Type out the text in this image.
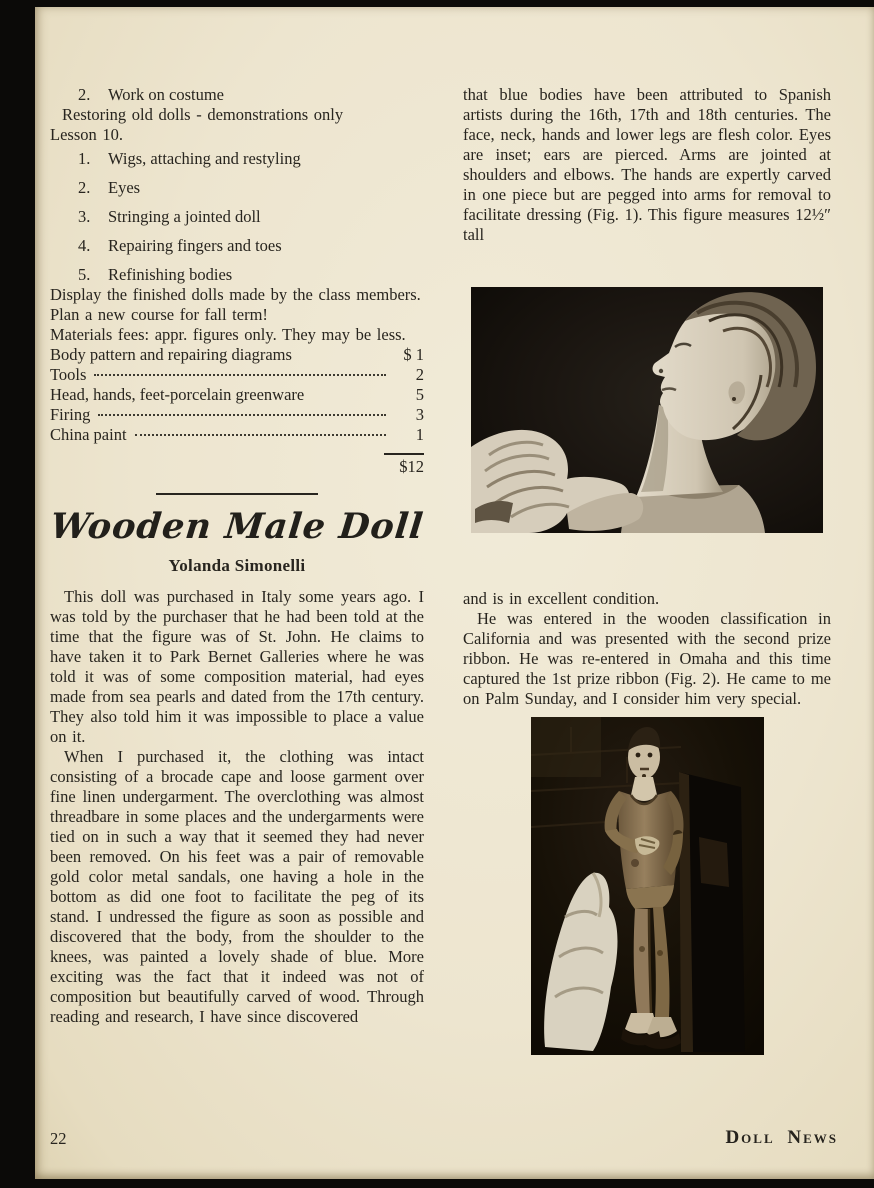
2.	Work on costume

Restoring old dolls - demonstrations only

Lesson 10.

1.	Wigs, attaching and restyling
2.	Eyes
3.	Stringing a jointed doll
4.	Repairing fingers and toes
5.	Refinishing bodies

Display the finished dolls made by the class members.

Plan a new course for fall term!

Materials fees: appr. figures only. They may be less.

Body pattern and repairing diagrams	$ 1
Tools	2
Head, hands, feet-porcelain greenware	5
Firing	3
China paint	1
$12
Wooden Male Doll
Yolanda Simonelli

This doll was purchased in Italy some years ago. I was told by the purchaser that he had been told at the time that the figure was of St. John. He claims to have taken it to Park Bernet Galleries where he was told it was of some composition material, had eyes made from sea pearls and dated from the 17th century. They also told him it was impossible to place a value on it.

When I purchased it, the clothing was intact consisting of a brocade cape and loose garment over fine linen undergarment. The overclothing was almost threadbare in some places and the undergarments were tied on in such a way that it seemed they had never been removed. On his feet was a pair of removable gold color metal sandals, one having a hole in the bottom as did one foot to facilitate the peg of its stand. I undressed the figure as soon as possible and discovered that the body, from the shoulder to the knees, was painted a lovely shade of blue. More exciting was the fact that it indeed was not of composition but beautifully carved of wood. Through reading and research, I have since discovered

that blue bodies have been attributed to Spanish artists during the 16th, 17th and 18th centuries. The face, neck, hands and lower legs are flesh color. Eyes are inset; ears are pierced. Arms are jointed at shoulders and elbows. The hands are expertly carved in one piece but are pegged into arms for removal to facilitate dressing (Fig. 1). This figure measures 12½″ tall

and is in excellent condition.

He was entered in the wooden classification in California and was presented with the second prize ribbon. He was re-entered in Omaha and this time captured the 1st prize ribbon (Fig. 2). He came to me on Palm Sunday, and I consider him very special.

22	Doll News
